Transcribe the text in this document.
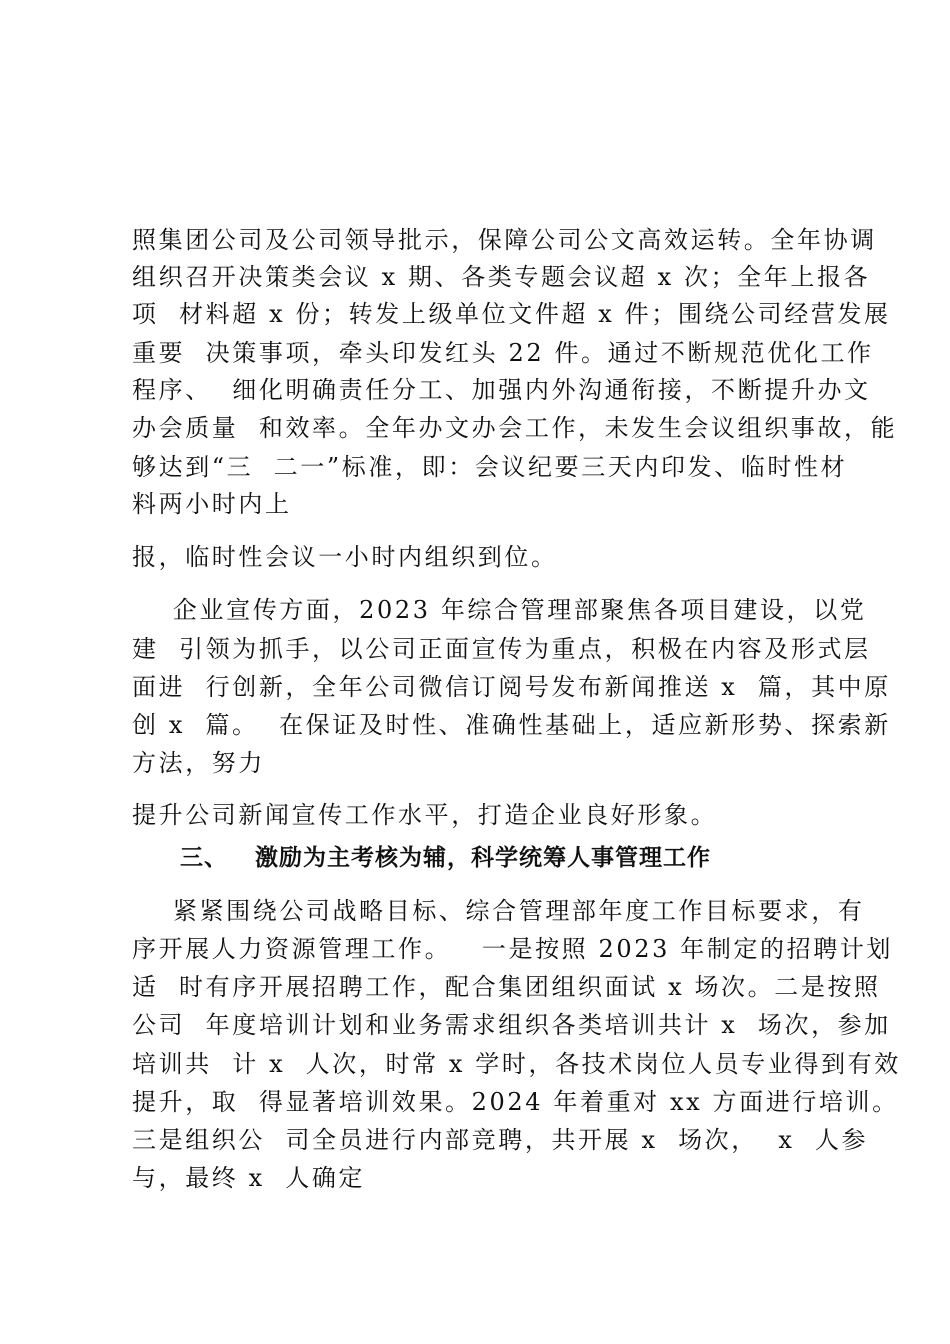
照集团公司及公司领导批示，保障公司公文高效运转。全年协调
组织召开决策类会议 x 期、各类专题会议超 x 次；全年上报各
项  材料超 x 份；转发上级单位文件超 x 件；围绕公司经营发展
重要  决策事项，牵头印发红头 22 件。通过不断规范优化工作
程序、  细化明确责任分工、加强内外沟通衔接，不断提升办文
办会质量  和效率。全年办文办会工作，未发生会议组织事故，能
够达到“三  二一”标准，即：会议纪要三天内印发、临时性材
料两小时内上
报，临时性会议一小时内组织到位。
企业宣传方面，2023 年综合管理部聚焦各项目建设，以党
建  引领为抓手，以公司正面宣传为重点，积极在内容及形式层
面进  行创新，全年公司微信订阅号发布新闻推送 x  篇，其中原
创 x  篇。  在保证及时性、准确性基础上，适应新形势、探索新
方法，努力
提升公司新闻宣传工作水平，打造企业良好形象。
三、   激励为主考核为辅，科学统筹人事管理工作
紧紧围绕公司战略目标、综合管理部年度工作目标要求，有
序开展人力资源管理工作。   一是按照 2023 年制定的招聘计划
适  时有序开展招聘工作，配合集团组织面试 x 场次。二是按照
公司  年度培训计划和业务需求组织各类培训共计 x  场次，参加
培训共  计 x  人次，时常 x 学时，各技术岗位人员专业得到有效
提升，取  得显著培训效果。2024 年着重对 xx 方面进行培训。
三是组织公  司全员进行内部竞聘，共开展 x  场次，  x  人参
与，最终 x  人确定
